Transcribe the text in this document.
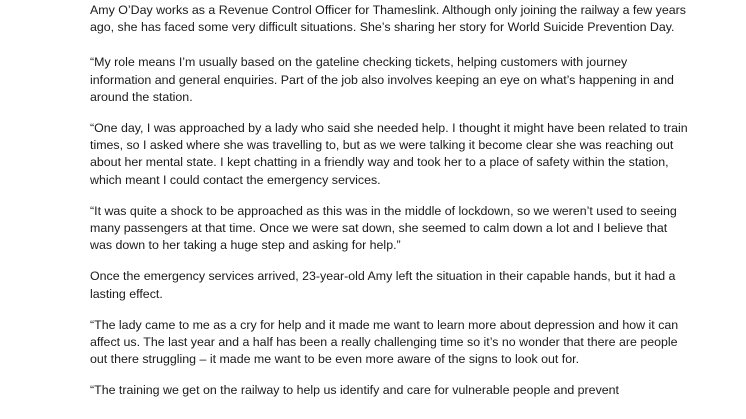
Amy O’Day works as a Revenue Control Officer for Thameslink. Although only joining the railway a few years ago, she has faced some very difficult situations. She’s sharing her story for World Suicide Prevention Day.

“My role means I’m usually based on the gateline checking tickets, helping customers with journey information and general enquiries. Part of the job also involves keeping an eye on what’s happening in and around the station.

“One day, I was approached by a lady who said she needed help. I thought it might have been related to train times, so I asked where she was travelling to, but as we were talking it become clear she was reaching out about her mental state. I kept chatting in a friendly way and took her to a place of safety within the station, which meant I could contact the emergency services.

“It was quite a shock to be approached as this was in the middle of lockdown, so we weren’t used to seeing many passengers at that time. Once we were sat down, she seemed to calm down a lot and I believe that was down to her taking a huge step and asking for help.”

Once the emergency services arrived, 23-year-old Amy left the situation in their capable hands, but it had a lasting effect.

“The lady came to me as a cry for help and it made me want to learn more about depression and how it can affect us. The last year and a half has been a really challenging time so it’s no wonder that there are people out there struggling – it made me want to be even more aware of the signs to look out for.

“The training we get on the railway to help us identify and care for vulnerable people and prevent
